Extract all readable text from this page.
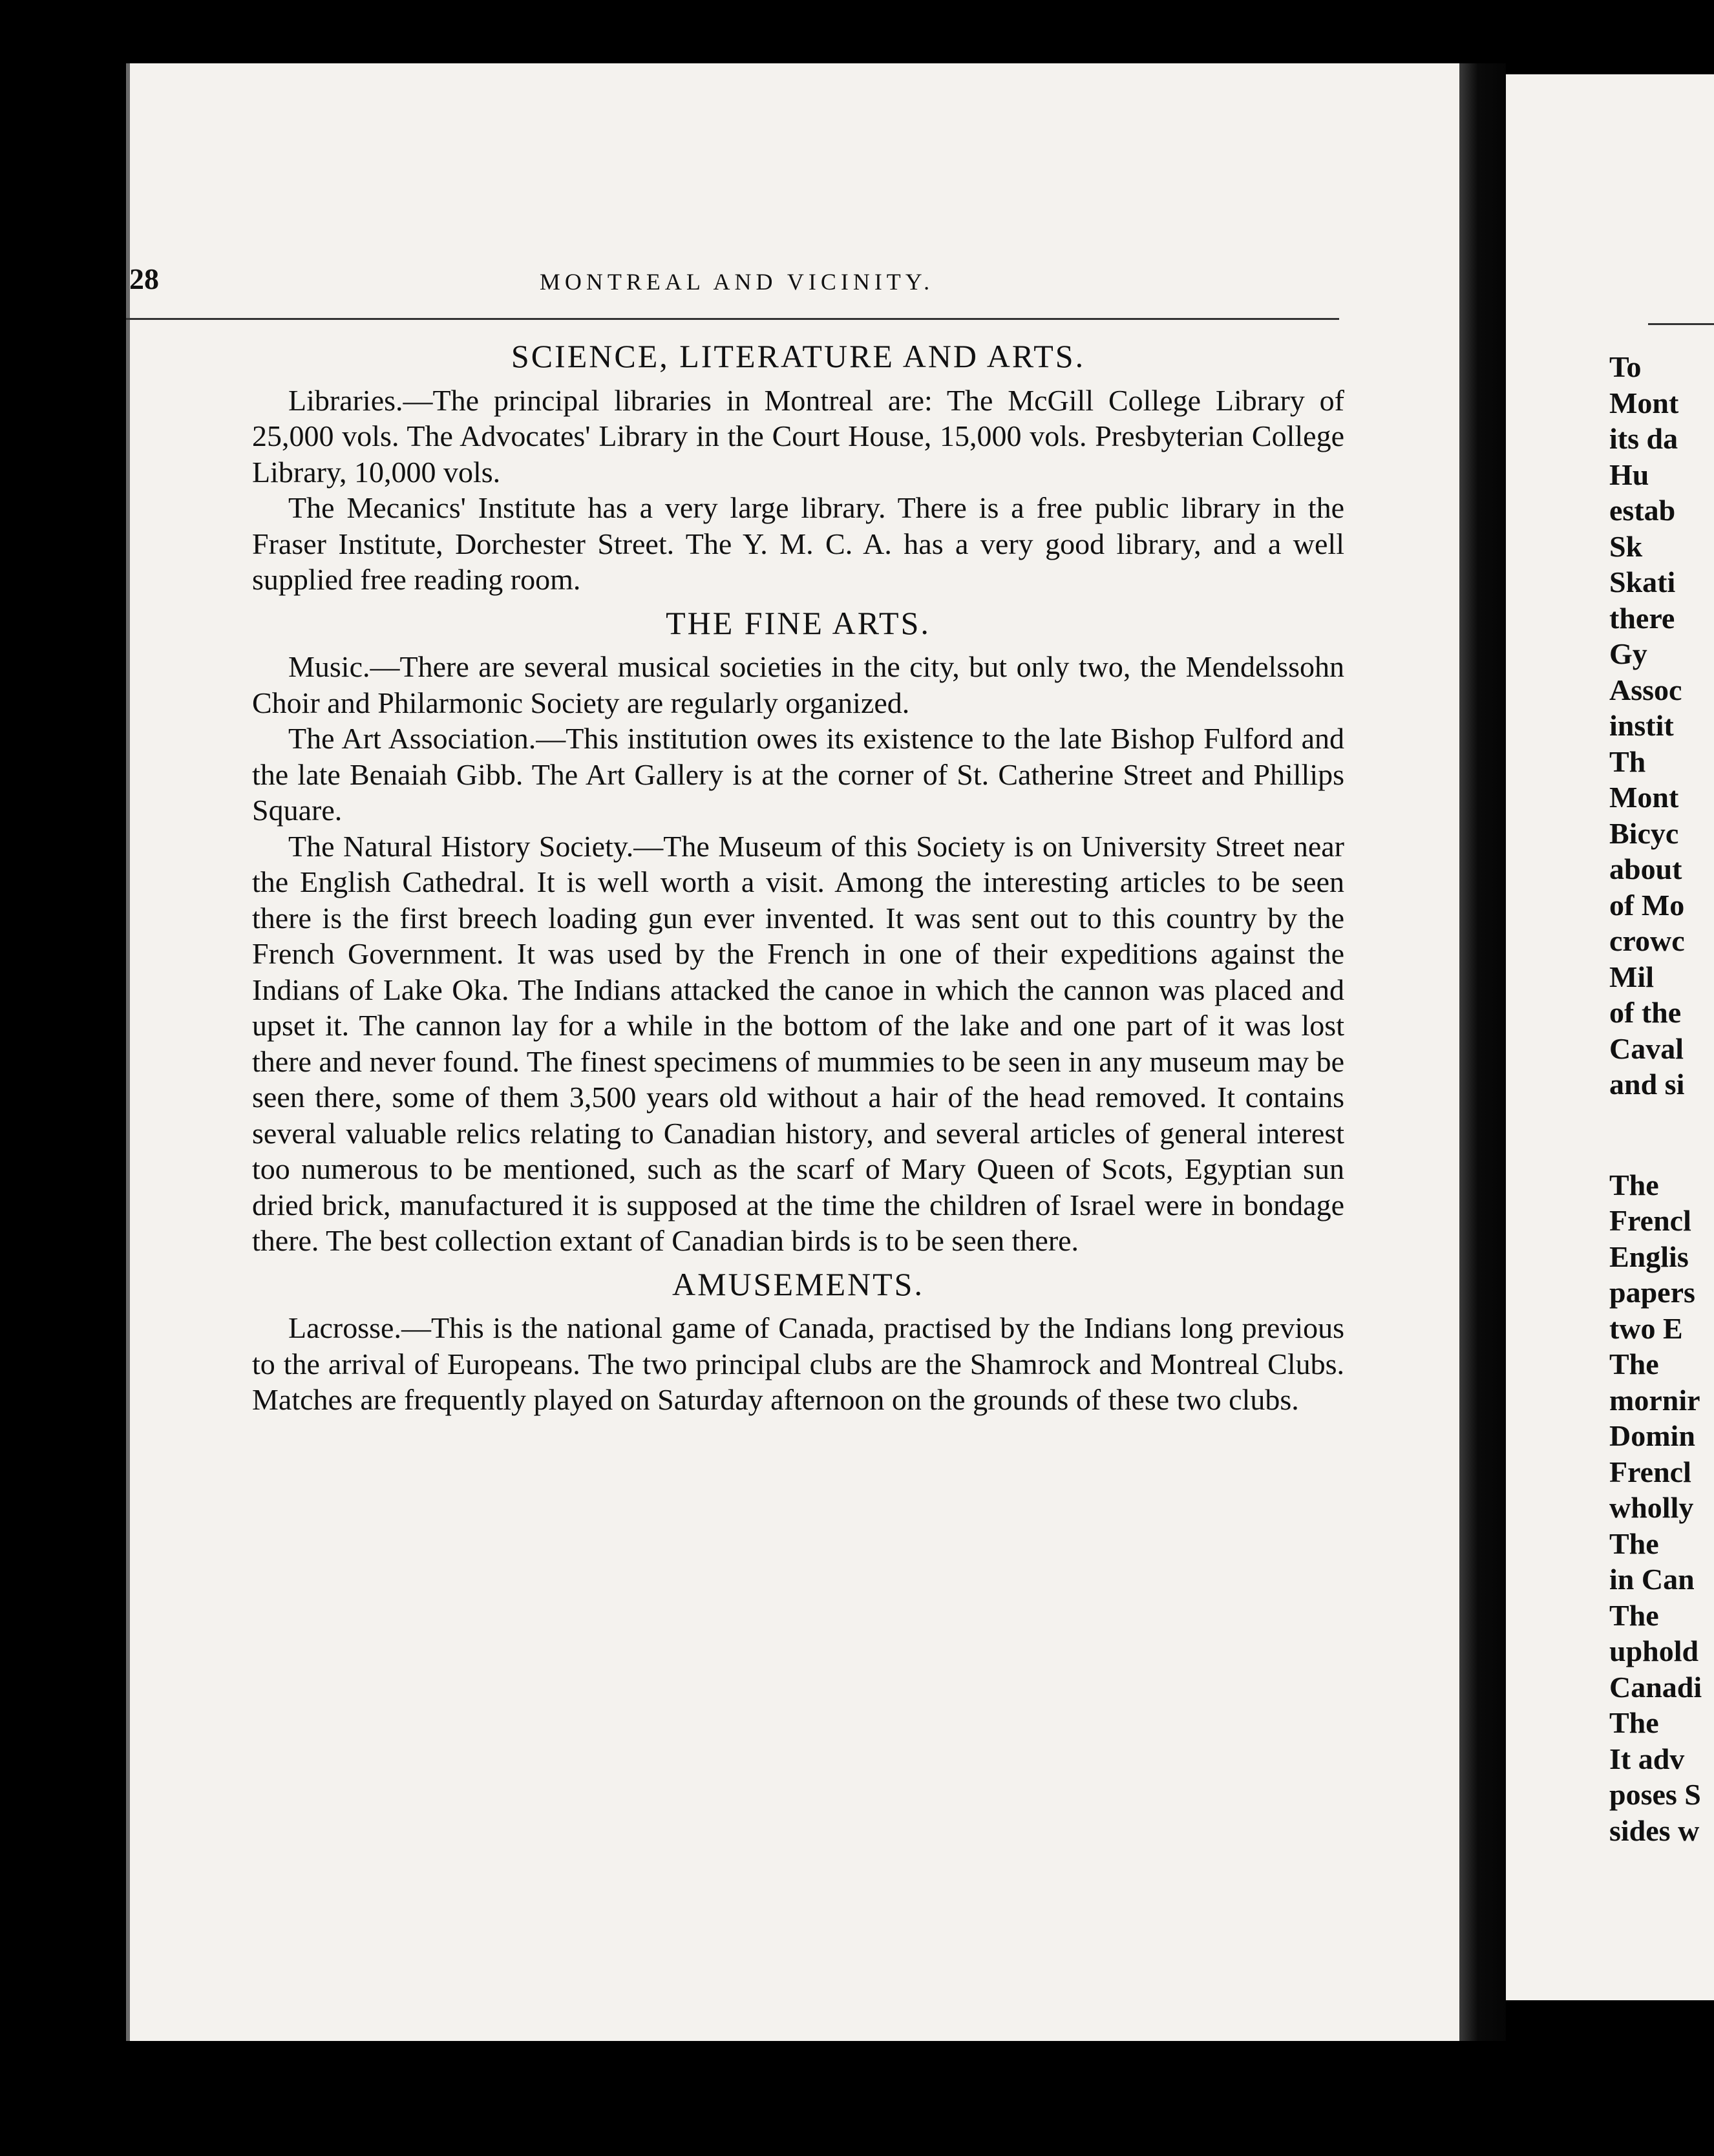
28	MONTREAL AND VICINITY.
SCIENCE, LITERATURE AND ARTS.

Libraries.—The principal libraries in Montreal are: The McGill College Library of 25,000 vols. The Advocates' Library in the Court House, 15,000 vols. Presbyterian College Library, 10,000 vols.

The Mecanics' Institute has a very large library. There is a free public library in the Fraser Institute, Dorchester Street. The Y. M. C. A. has a very good library, and a well supplied free reading room.

THE FINE ARTS.

Music.—There are several musical societies in the city, but only two, the Mendelssohn Choir and Philarmonic Society are regularly organized.

The Art Association.—This institution owes its existence to the late Bishop Fulford and the late Benaiah Gibb. The Art Gallery is at the corner of St. Catherine Street and Phillips Square.

The Natural History Society.—The Museum of this Society is on University Street near the English Cathedral. It is well worth a visit. Among the interesting articles to be seen there is the first breech loading gun ever invented. It was sent out to this country by the French Government. It was used by the French in one of their expeditions against the Indians of Lake Oka. The Indians attacked the canoe in which the cannon was placed and upset it. The cannon lay for a while in the bottom of the lake and one part of it was lost there and never found. The finest specimens of mummies to be seen in any museum may be seen there, some of them 3,500 years old without a hair of the head removed. It contains several valuable relics relating to Canadian history, and several articles of general interest too numerous to be mentioned, such as the scarf of Mary Queen of Scots, Egyptian sun dried brick, manufactured it is supposed at the time the children of Israel were in bondage there. The best collection extant of Canadian birds is to be seen there.

AMUSEMENTS.

Lacrosse.—This is the national game of Canada, practised by the Indians long previous to the arrival of Europeans. The two principal clubs are the Shamrock and Montreal Clubs. Matches are frequently played on Saturday afternoon on the grounds of these two clubs.

To
Mont
its da
Hu
estab
Sk
Skati
there
Gy
Assoc
instit
Th
Mont
Bicyc
about
of Mo
crowc
Mil
of the
Caval
and si
The
Frencl
Englis
papers
two E
The
mornir
Domin
Frencl
wholly
The
in Can
The
uphold
Canadi
The
It adv
poses S
sides w
